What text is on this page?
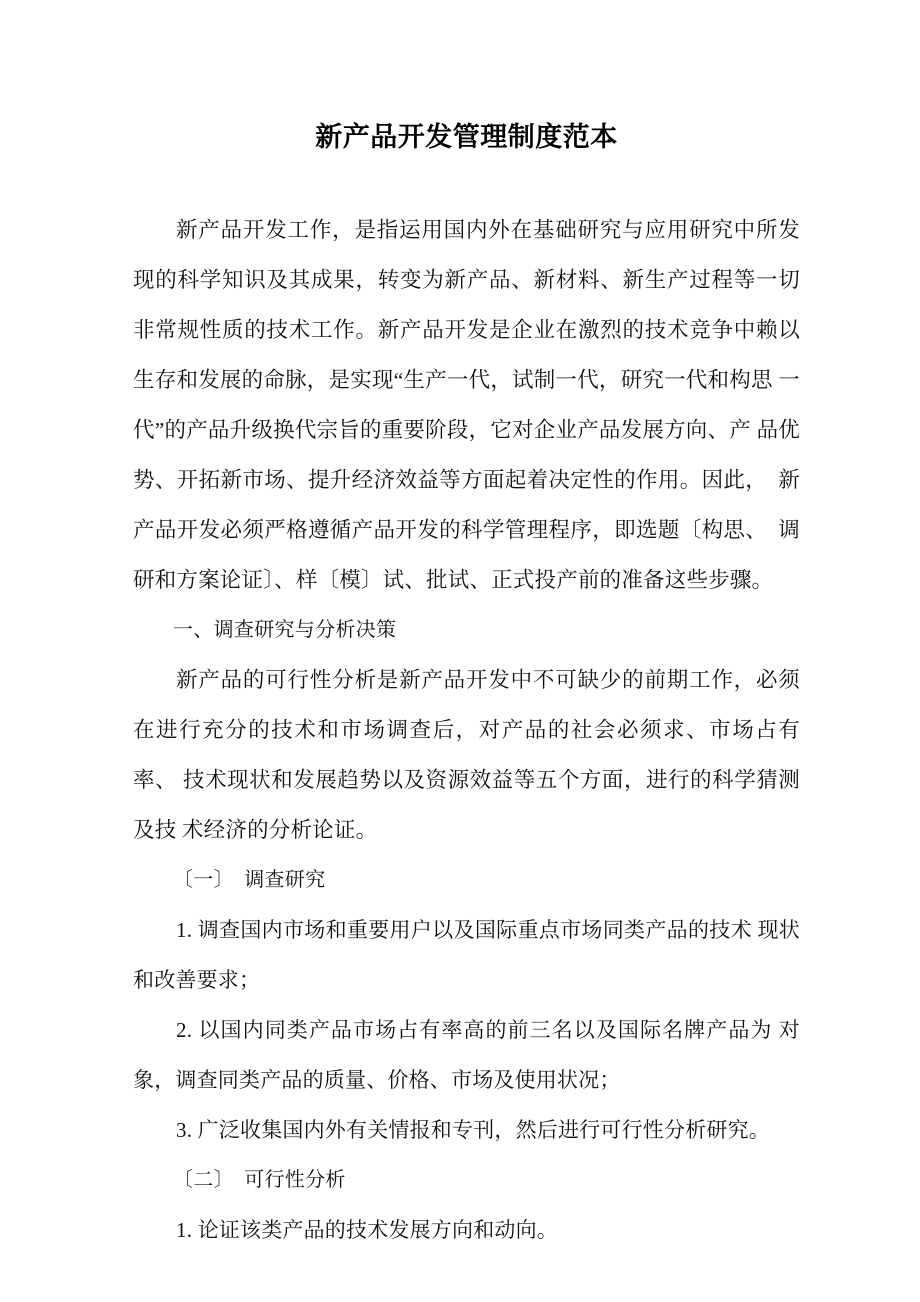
新产品开发管理制度范本

新产品开发工作，是指运用国内外在基础研究与应用研究中所发　现的科学知识及其成果，转变为新产品、新材料、新生产过程等一切 非常规性质的技术工作。新产品开发是企业在激烈的技术竞争中赖以 生存和发展的命脉，是实现“生产一代，试制一代，研究一代和构思 一代”的产品升级换代宗旨的重要阶段，它对企业产品发展方向、产 品优势、开拓新市场、提升经济效益等方面起着决定性的作用。因此，　新产品开发必须严格遵循产品开发的科学管理程序，即选题〔构思、　调研和方案论证〕、样〔模〕试、批试、正式投产前的准备这些步骤。

一、调查研究与分析决策

新产品的可行性分析是新产品开发中不可缺少的前期工作，必须　在进行充分的技术和市场调查后，对产品的社会必须求、市场占有率、 技术现状和发展趋势以及资源效益等五个方面，进行的科学猜测及技 术经济的分析论证。

〔一〕　调查研究

1. 调查国内市场和重要用户以及国际重点市场同类产品的技术 现状和改善要求；

2. 以国内同类产品市场占有率高的前三名以及国际名牌产品为 对象，调查同类产品的质量、价格、市场及使用状况；

3. 广泛收集国内外有关情报和专刊，然后进行可行性分析研究。

〔二〕　可行性分析

1. 论证该类产品的技术发展方向和动向。
